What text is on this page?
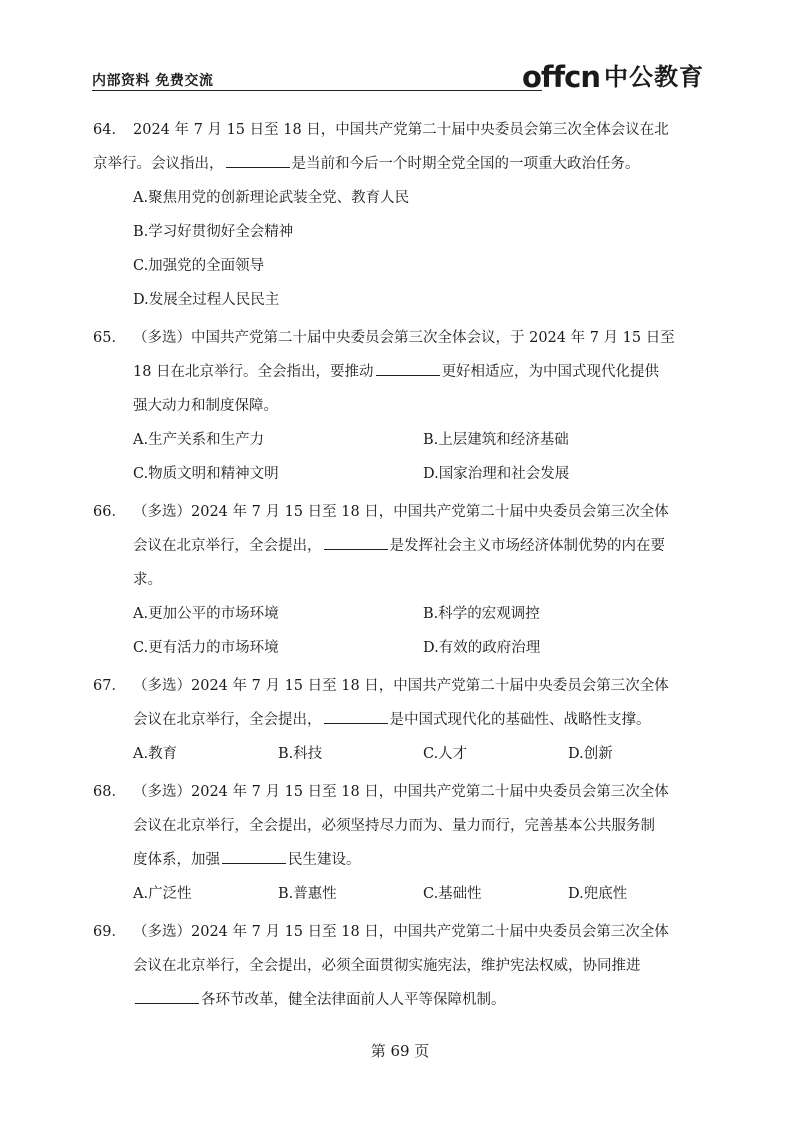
内部资料 免费交流	offcn 中公教育
64． 2024 年 7 月 15 日至 18 日，中国共产党第二十届中央委员会第三次全体会议在北
京举行。会议指出，	是当前和今后一个时期全党全国的一项重大政治任务。
A.聚焦用党的创新理论武装全党、教育人民
B.学习好贯彻好全会精神
C.加强党的全面领导
D.发展全过程人民民主
65． （多选）中国共产党第二十届中央委员会第三次全体会议，于 2024 年 7 月 15 日至
18 日在北京举行。全会指出，要推动	更好相适应，为中国式现代化提供
强大动力和制度保障。
A.生产关系和生产力	B.上层建筑和经济基础
C.物质文明和精神文明	D.国家治理和社会发展
66． （多选）2024 年 7 月 15 日至 18 日，中国共产党第二十届中央委员会第三次全体
会议在北京举行，全会提出，	是发挥社会主义市场经济体制优势的内在要
求。
A.更加公平的市场环境	B.科学的宏观调控
C.更有活力的市场环境	D.有效的政府治理
67． （多选）2024 年 7 月 15 日至 18 日，中国共产党第二十届中央委员会第三次全体
会议在北京举行，全会提出，	是中国式现代化的基础性、战略性支撑。
A.教育	B.科技	C.人才	D.创新
68． （多选）2024 年 7 月 15 日至 18 日，中国共产党第二十届中央委员会第三次全体
会议在北京举行，全会提出，必须坚持尽力而为、量力而行，完善基本公共服务制
度体系，加强	民生建设。
A.广泛性	B.普惠性	C.基础性	D.兜底性
69． （多选）2024 年 7 月 15 日至 18 日，中国共产党第二十届中央委员会第三次全体
会议在北京举行，全会提出，必须全面贯彻实施宪法，维护宪法权威，协同推进
各环节改革，健全法律面前人人平等保障机制。
第 69 页
